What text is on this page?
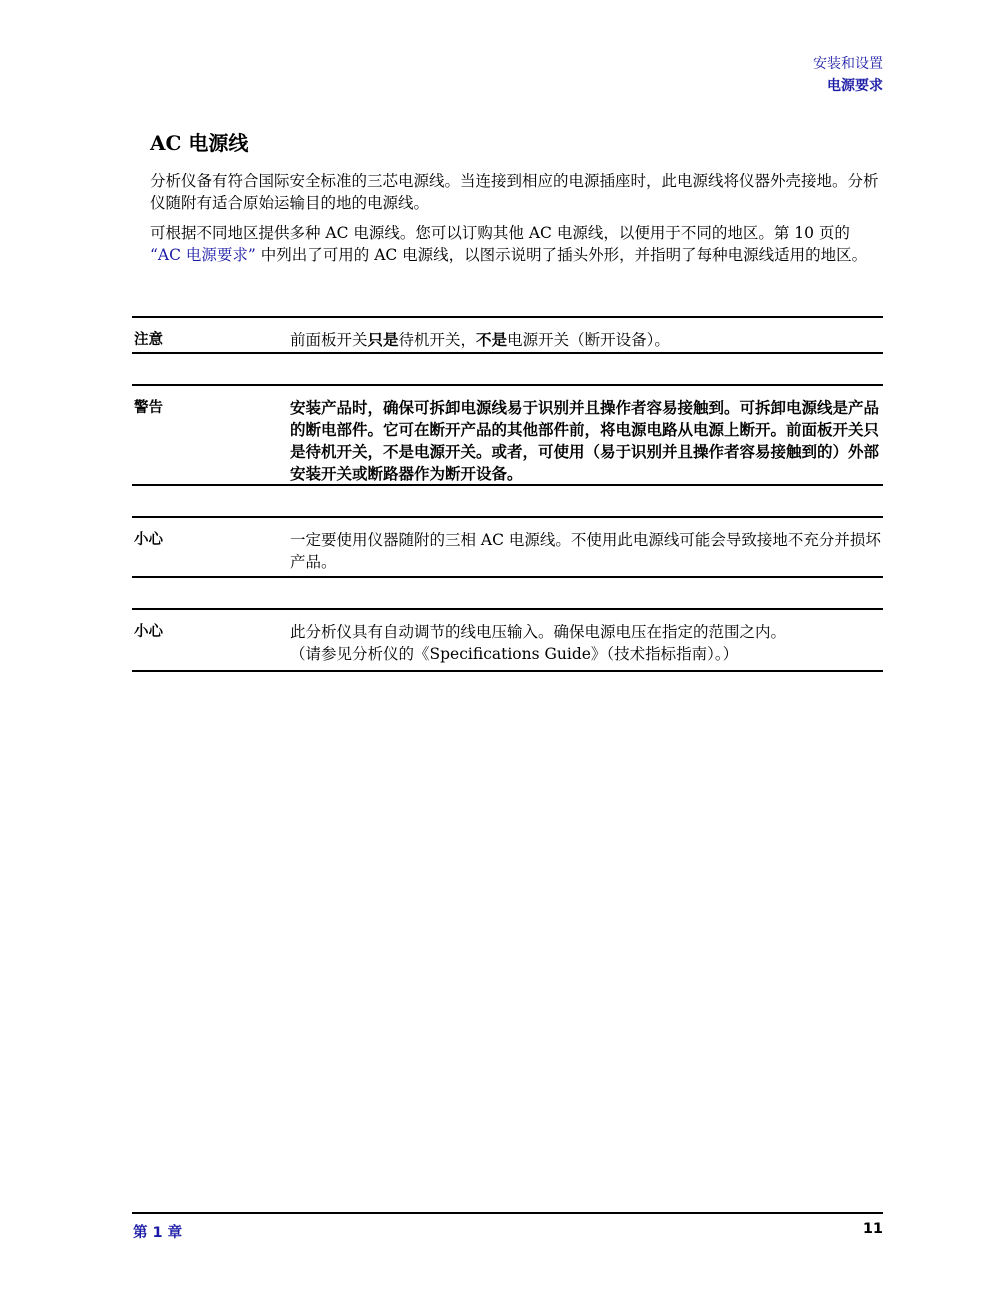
安装和设置
电源要求
AC 电源线

分析仪备有符合国际安全标准的三芯电源线。当连接到相应的电源插座时，此电源线将仪器外壳接地。分析仪随附有适合原始运输目的地的电源线。

可根据不同地区提供多种 AC 电源线。您可以订购其他 AC 电源线，以便用于不同的地区。第 10 页的 “AC 电源要求” 中列出了可用的 AC 电源线，以图示说明了插头外形，并指明了每种电源线适用的地区。

注意	前面板开关只是待机开关，不是电源开关（断开设备）。
警告	安装产品时，确保可拆卸电源线易于识别并且操作者容易接触到。可拆卸电源线是产品的断电部件。它可在断开产品的其他部件前，将电源电路从电源上断开。前面板开关只是待机开关，不是电源开关。或者，可使用（易于识别并且操作者容易接触到的）外部安装开关或断路器作为断开设备。
小心	一定要使用仪器随附的三相 AC 电源线。不使用此电源线可能会导致接地不充分并损坏产品。
小心	此分析仪具有自动调节的线电压输入。确保电源电压在指定的范围之内。
（请参见分析仪的《Specifications Guide》（技术指标指南）。）
第 1 章	11
